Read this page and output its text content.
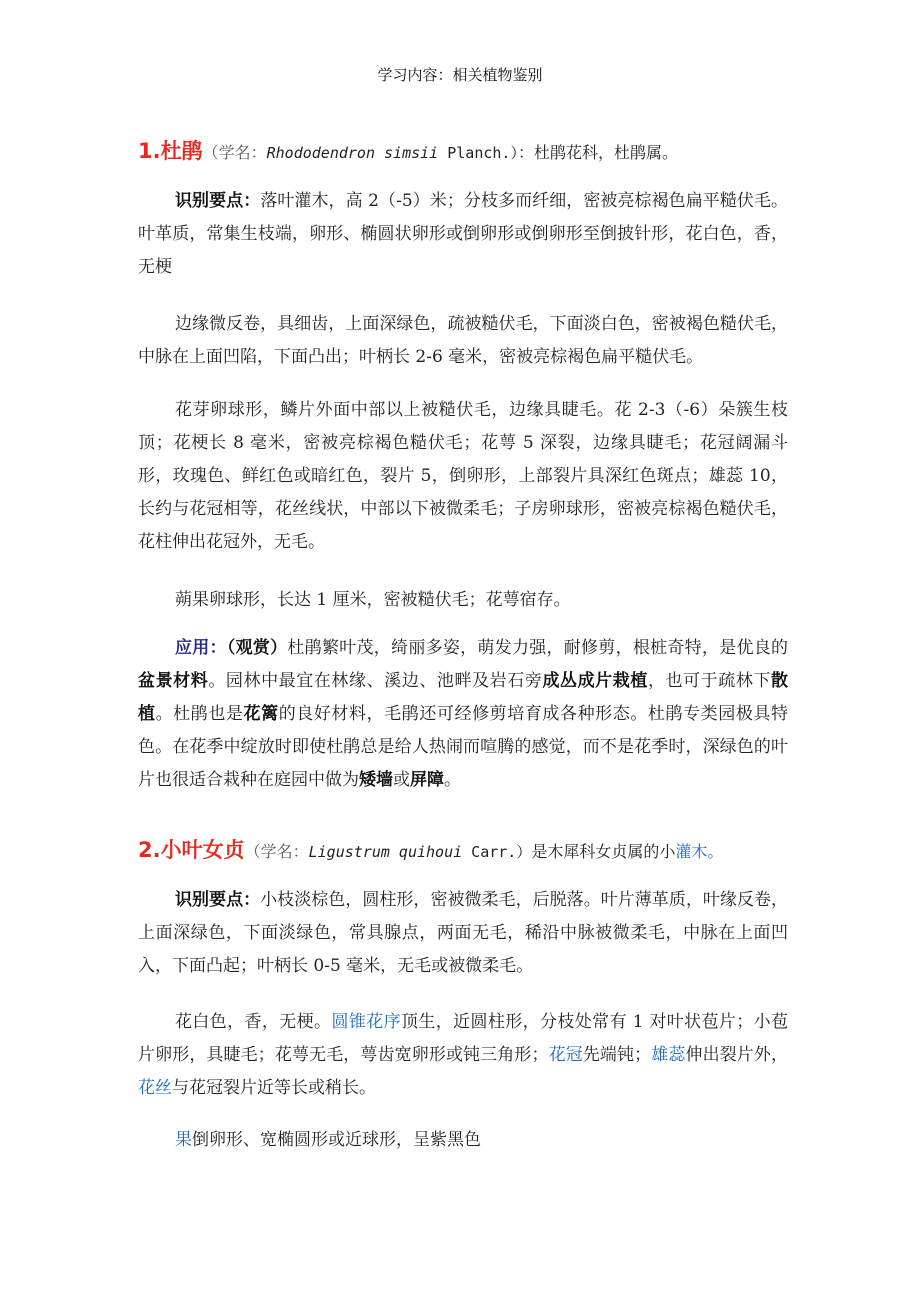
学习内容：相关植物鉴别
1.杜鹃（学名：Rhododendron simsii Planch.）：杜鹃花科，杜鹃属。

识别要点：落叶灌木，高 2（-5）米；分枝多而纤细，密被亮棕褐色扁平糙伏毛。叶革质，常集生枝端，卵形、椭圆状卵形或倒卵形或倒卵形至倒披针形，花白色，香，无梗

边缘微反卷，具细齿，上面深绿色，疏被糙伏毛，下面淡白色，密被褐色糙伏毛，中脉在上面凹陷，下面凸出；叶柄长 2-6 毫米，密被亮棕褐色扁平糙伏毛。

花芽卵球形，鳞片外面中部以上被糙伏毛，边缘具睫毛。花 2-3（-6）朵簇生枝顶；花梗长 8 毫米，密被亮棕褐色糙伏毛；花萼 5 深裂，边缘具睫毛；花冠阔漏斗形，玫瑰色、鲜红色或暗红色，裂片 5，倒卵形，上部裂片具深红色斑点；雄蕊 10，长约与花冠相等，花丝线状，中部以下被微柔毛；子房卵球形，密被亮棕褐色糙伏毛，花柱伸出花冠外，无毛。

蒴果卵球形，长达 1 厘米，密被糙伏毛；花萼宿存。

应用：（观赏）杜鹃繁叶茂，绮丽多姿，萌发力强，耐修剪，根桩奇特，是优良的盆景材料。园林中最宜在林缘、溪边、池畔及岩石旁成丛成片栽植，也可于疏林下散植。杜鹃也是花篱的良好材料，毛鹃还可经修剪培育成各种形态。杜鹃专类园极具特色。在花季中绽放时即使杜鹃总是给人热闹而喧腾的感觉，而不是花季时，深绿色的叶片也很适合栽种在庭园中做为矮墙或屏障。

2.小叶女贞（学名：Ligustrum quihoui Carr.）是木犀科女贞属的小灌木。

识别要点：小枝淡棕色，圆柱形，密被微柔毛，后脱落。叶片薄革质，叶缘反卷，上面深绿色，下面淡绿色，常具腺点，两面无毛，稀沿中脉被微柔毛，中脉在上面凹入，下面凸起；叶柄长 0-5 毫米，无毛或被微柔毛。

花白色，香，无梗。圆锥花序顶生，近圆柱形，分枝处常有 1 对叶状苞片；小苞片卵形，具睫毛；花萼无毛，萼齿宽卵形或钝三角形；花冠先端钝；雄蕊伸出裂片外，花丝与花冠裂片近等长或稍长。

果倒卵形、宽椭圆形或近球形，呈紫黑色
